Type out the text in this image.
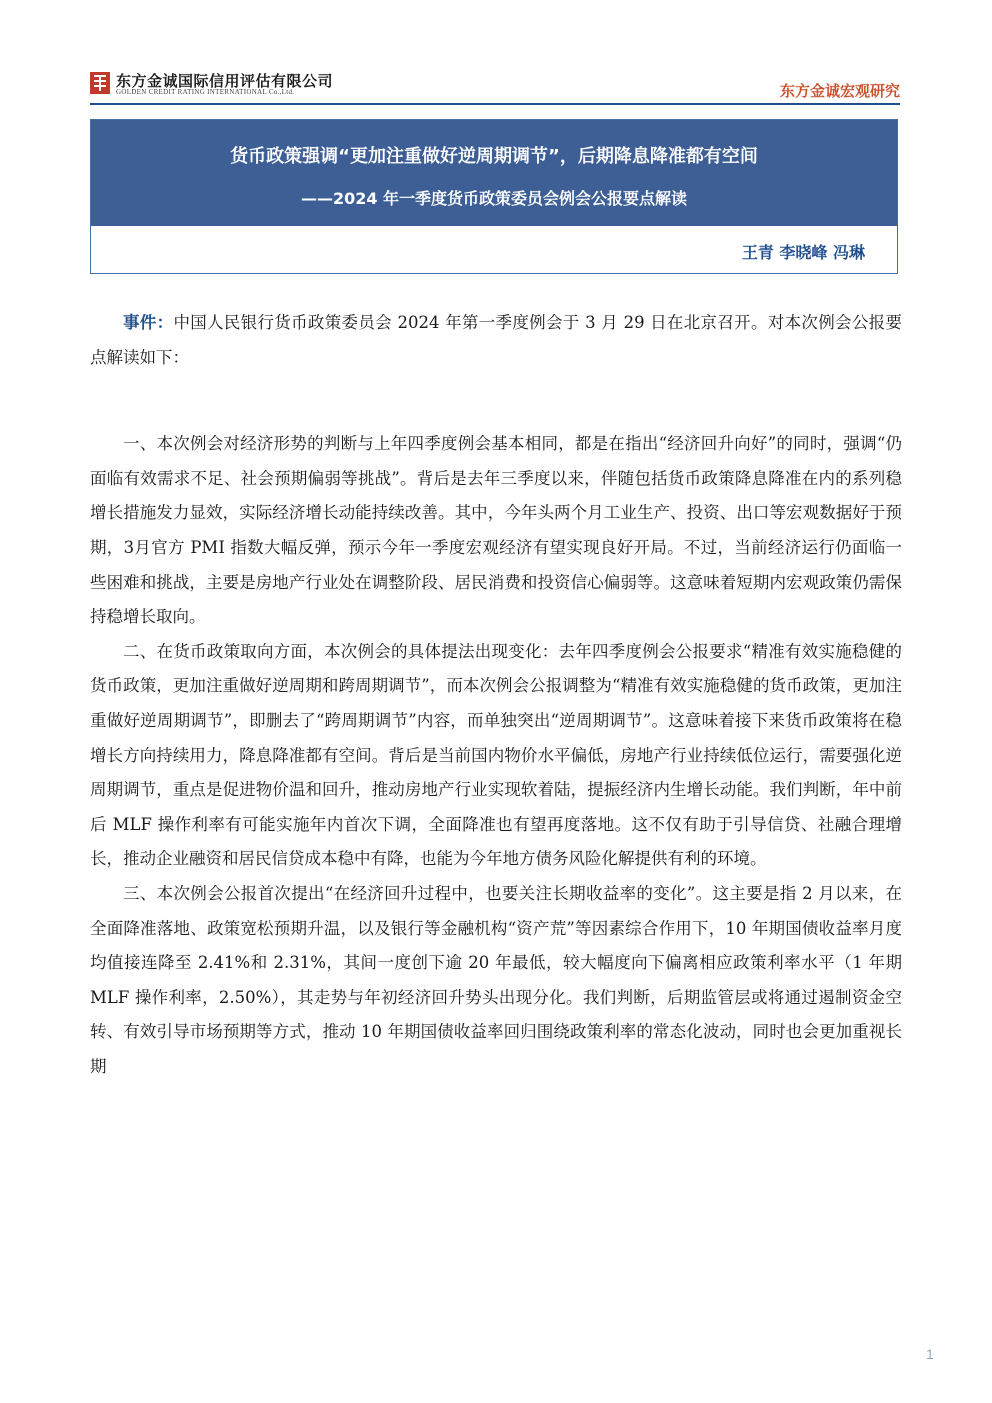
东方金诚国际信用评估有限公司
GOLDEN CREDIT RATING INTERNATIONAL Co.,Ltd.	东方金诚宏观研究
货币政策强调“更加注重做好逆周期调节”，后期降息降准都有空间
——2024 年一季度货币政策委员会例会公报要点解读
王青 李晓峰 冯琳

事件：中国人民银行货币政策委员会 2024 年第一季度例会于 3 月 29 日在北京召开。对本次例会公报要点解读如下：

一、本次例会对经济形势的判断与上年四季度例会基本相同，都是在指出“经济回升向好”的同时，强调“仍面临有效需求不足、社会预期偏弱等挑战”。背后是去年三季度以来，伴随包括货币政策降息降准在内的系列稳增长措施发力显效，实际经济增长动能持续改善。其中，今年头两个月工业生产、投资、出口等宏观数据好于预期，3月官方 PMI 指数大幅反弹，预示今年一季度宏观经济有望实现良好开局。不过，当前经济运行仍面临一些困难和挑战，主要是房地产行业处在调整阶段、居民消费和投资信心偏弱等。这意味着短期内宏观政策仍需保持稳增长取向。

二、在货币政策取向方面，本次例会的具体提法出现变化：去年四季度例会公报要求“精准有效实施稳健的货币政策，更加注重做好逆周期和跨周期调节”，而本次例会公报调整为“精准有效实施稳健的货币政策，更加注重做好逆周期调节”，即删去了“跨周期调节”内容，而单独突出“逆周期调节”。这意味着接下来货币政策将在稳增长方向持续用力，降息降准都有空间。背后是当前国内物价水平偏低，房地产行业持续低位运行，需要强化逆周期调节，重点是促进物价温和回升，推动房地产行业实现软着陆，提振经济内生增长动能。我们判断，年中前后 MLF 操作利率有可能实施年内首次下调，全面降准也有望再度落地。这不仅有助于引导信贷、社融合理增长，推动企业融资和居民信贷成本稳中有降，也能为今年地方债务风险化解提供有利的环境。

三、本次例会公报首次提出“在经济回升过程中，也要关注长期收益率的变化”。这主要是指 2 月以来，在全面降准落地、政策宽松预期升温，以及银行等金融机构“资产荒”等因素综合作用下，10 年期国债收益率月度均值接连降至 2.41%和 2.31%，其间一度创下逾 20 年最低，较大幅度向下偏离相应政策利率水平（1 年期 MLF 操作利率，2.50%），其走势与年初经济回升势头出现分化。我们判断，后期监管层或将通过遏制资金空转、有效引导市场预期等方式，推动 10 年期国债收益率回归围绕政策利率的常态化波动，同时也会更加重视长期

1
